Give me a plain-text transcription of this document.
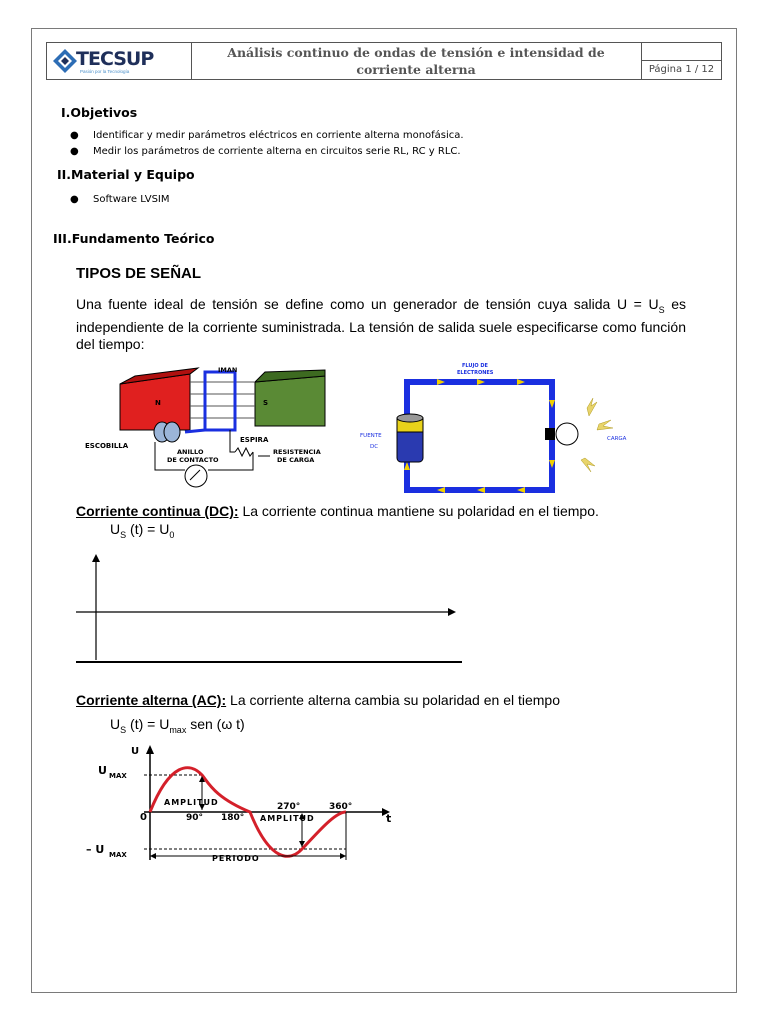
TECSUP
Pasión por la Tecnología
Análisis continuo de ondas de tensión e intensidad de
corriente alterna	Página 1 / 12
I.Objetivos
● Identificar y medir parámetros eléctricos en corriente alterna monofásica.
● Medir los parámetros de corriente alterna en circuitos serie RL, RC y RLC.
II.Material y Equipo
● Software LVSIM
III.Fundamento Teórico
TIPOS DE SEÑAL
Una fuente ideal de tensión se define como un generador de tensión cuya salida $U = U_S$ es independiente de la corriente suministrada. La tensión de salida suele especificarse como función del tiempo:
IMAN
N	S
ESCOBILLA
ESPIRA
ANILLO
DE CONTACTO
RESISTENCIA
DE CARGA
FLUJO DE
ELECTRONES
FUENTE
DC
CARGA
Corriente continua (DC): La corriente continua mantiene su polaridad en el tiempo.
$U_S$ $(t) = U_0$
Corriente alterna (AC): La corriente alterna cambia su polaridad en el tiempo
$U_S$ $(t) = U_{max}$ sen (ω t)
U
U MAX
– U MAX
0	t
AMPLITUD
AMPLITUD
90° 180°
270°	360°
PERIODO
